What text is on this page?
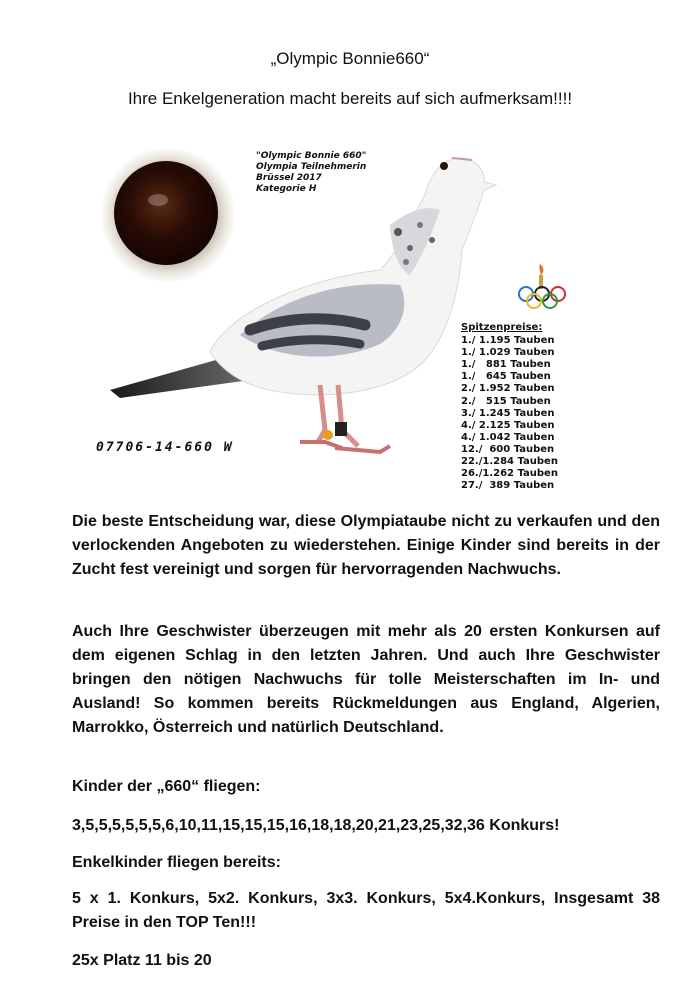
„Olympic Bonnie660“
Ihre Enkelgeneration macht bereits auf sich aufmerksam!!!!
"Olympic Bonnie 660"
Olympia Teilnehmerin
Brüssel 2017
Kategorie H
07706-14-660 W
Spitzenpreise:
1./ 1.195 Tauben
1./ 1.029 Tauben
1./   881 Tauben
1./   645 Tauben
2./ 1.952 Tauben
2./   515 Tauben
3./ 1.245 Tauben
4./ 2.125 Tauben
4./ 1.042 Tauben
12./  600 Tauben
22./1.284 Tauben
26./1.262 Tauben
27./  389 Tauben

Die beste Entscheidung war, diese Olympiataube nicht zu verkaufen und den verlockenden Angeboten zu wiederstehen. Einige Kinder sind bereits in der Zucht fest vereinigt und sorgen für hervorragenden Nachwuchs.

Auch Ihre Geschwister überzeugen mit mehr als 20 ersten Konkursen auf dem eigenen Schlag in den letzten Jahren. Und auch Ihre Geschwister bringen den nötigen Nachwuchs für tolle Meisterschaften im In- und Ausland! So kommen bereits Rückmeldungen aus England, Algerien, Marrokko, Österreich und natürlich Deutschland.

Kinder der „660“ fliegen:

3,5,5,5,5,5,5,6,10,11,15,15,15,16,18,18,20,21,23,25,32,36 Konkurs!

Enkelkinder fliegen bereits:

5 x 1. Konkurs, 5x2. Konkurs, 3x3. Konkurs, 5x4.Konkurs, Insgesamt 38 Preise in den TOP Ten!!!

25x Platz 11 bis 20
